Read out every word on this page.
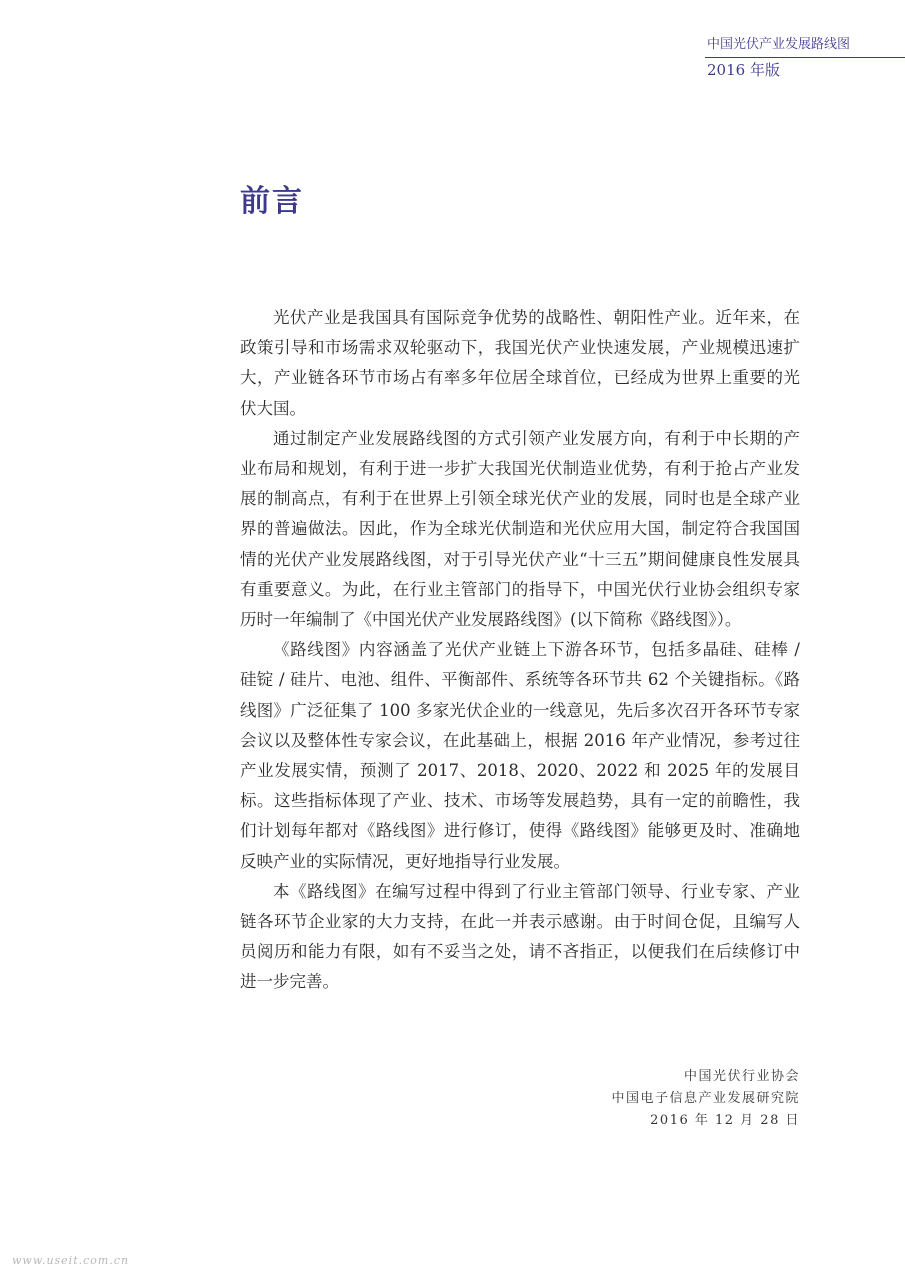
中国光伏产业发展路线图
2016 年版
前言

光伏产业是我国具有国际竞争优势的战略性、朝阳性产业。近年来，在政策引导和市场需求双轮驱动下，我国光伏产业快速发展，产业规模迅速扩大，产业链各环节市场占有率多年位居全球首位，已经成为世界上重要的光伏大国。

通过制定产业发展路线图的方式引领产业发展方向，有利于中长期的产业布局和规划，有利于进一步扩大我国光伏制造业优势，有利于抢占产业发展的制高点，有利于在世界上引领全球光伏产业的发展，同时也是全球产业界的普遍做法。因此，作为全球光伏制造和光伏应用大国，制定符合我国国情的光伏产业发展路线图，对于引导光伏产业“十三五”期间健康良性发展具有重要意义。为此，在行业主管部门的指导下，中国光伏行业协会组织专家历时一年编制了《中国光伏产业发展路线图》(以下简称《路线图》）。

《路线图》内容涵盖了光伏产业链上下游各环节，包括多晶硅、硅棒 / 硅锭 / 硅片、电池、组件、平衡部件、系统等各环节共 62 个关键指标。《路线图》广泛征集了 100 多家光伏企业的一线意见，先后多次召开各环节专家会议以及整体性专家会议，在此基础上，根据 2016 年产业情况，参考过往产业发展实情，预测了 2017、2018、2020、2022 和 2025 年的发展目标。这些指标体现了产业、技术、市场等发展趋势，具有一定的前瞻性，我们计划每年都对《路线图》进行修订，使得《路线图》能够更及时、准确地反映产业的实际情况，更好地指导行业发展。

本《路线图》在编写过程中得到了行业主管部门领导、行业专家、产业链各环节企业家的大力支持，在此一并表示感谢。由于时间仓促，且编写人员阅历和能力有限，如有不妥当之处，请不吝指正，以便我们在后续修订中进一步完善。

中国光伏行业协会
中国电子信息产业发展研究院
2016 年 12 月 28 日
www.useit.com.cn
